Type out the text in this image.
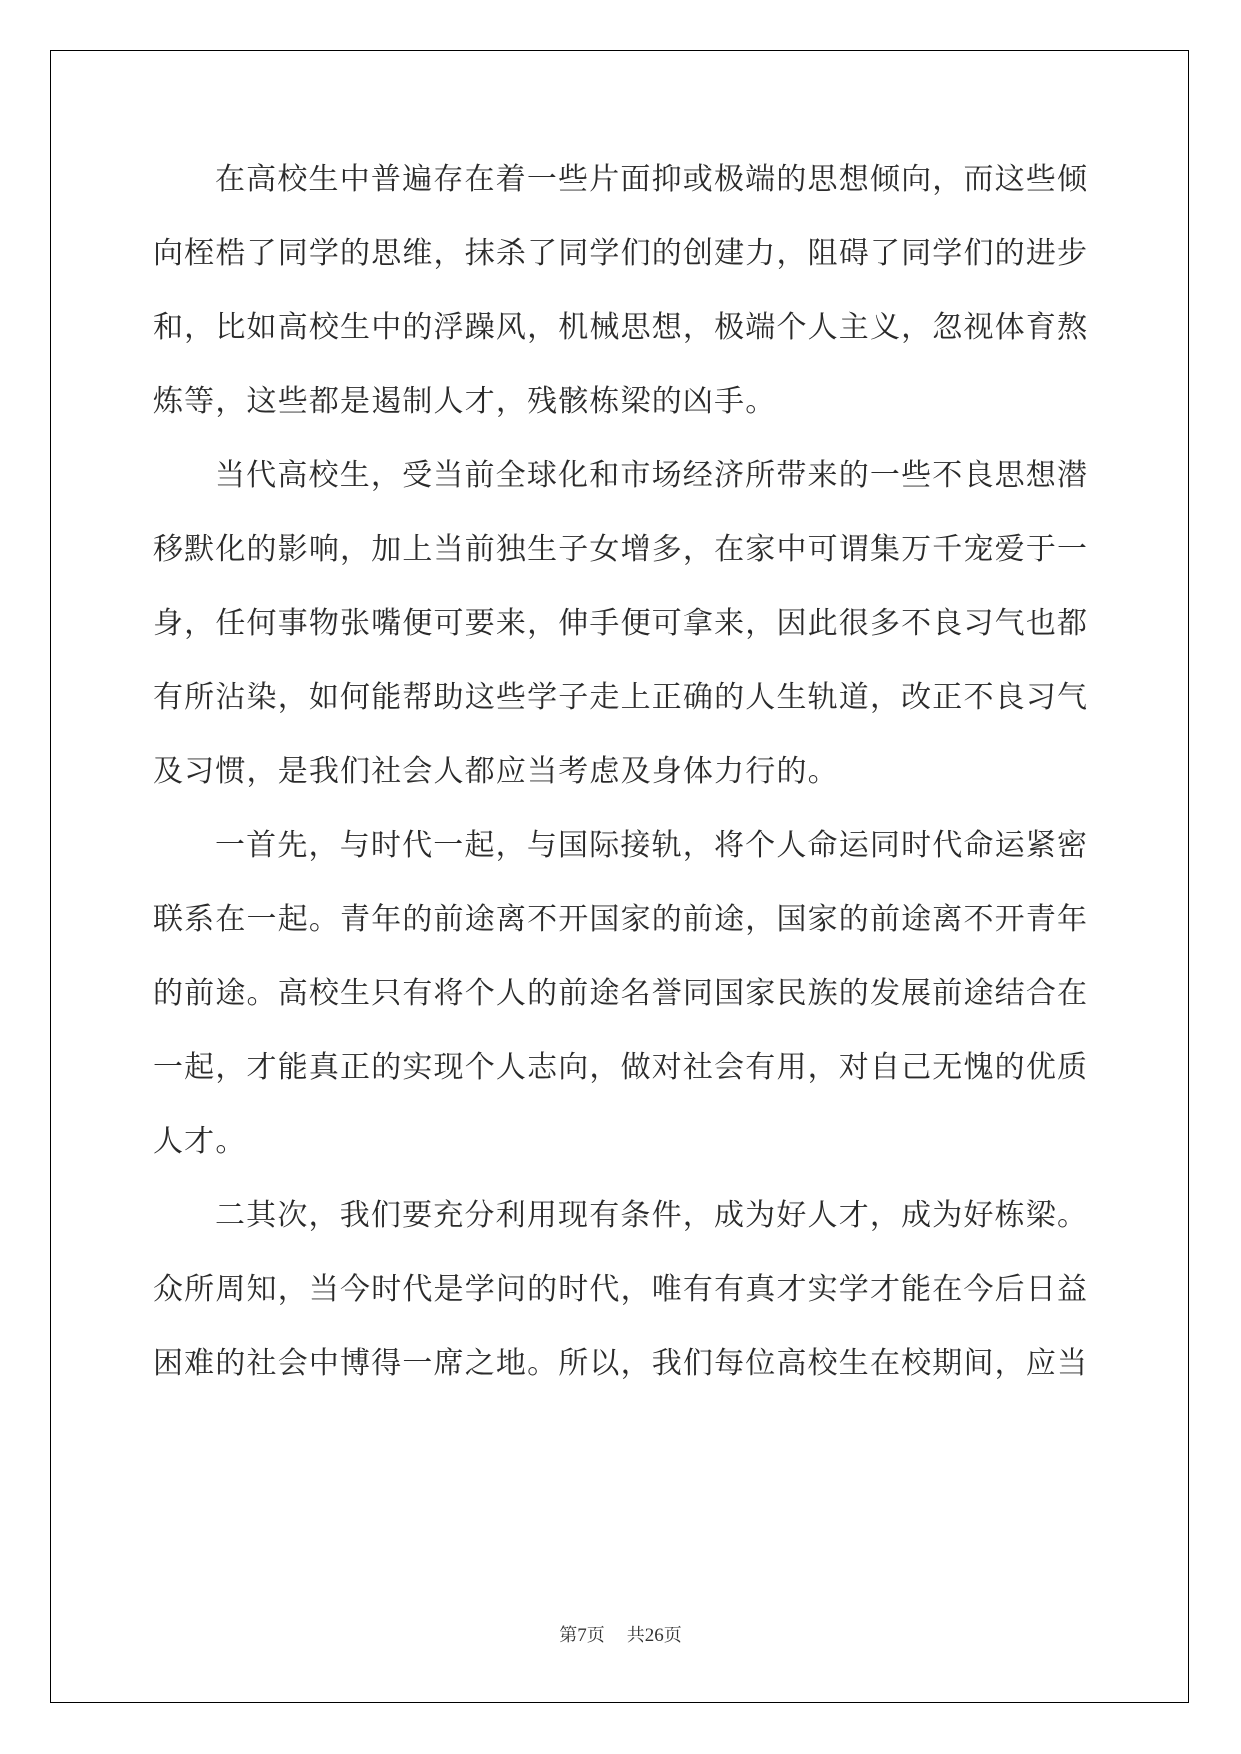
在高校生中普遍存在着一些片面抑或极端的思想倾向，而这些倾
向桎梏了同学的思维，抹杀了同学们的创建力，阻碍了同学们的进步
和，比如高校生中的浮躁风，机械思想，极端个人主义，忽视体育熬
炼等，这些都是遏制人才，残骸栋梁的凶手。
当代高校生，受当前全球化和市场经济所带来的一些不良思想潜
移默化的影响，加上当前独生子女增多，在家中可谓集万千宠爱于一
身，任何事物张嘴便可要来，伸手便可拿来，因此很多不良习气也都
有所沾染，如何能帮助这些学子走上正确的人生轨道，改正不良习气
及习惯，是我们社会人都应当考虑及身体力行的。
一首先，与时代一起，与国际接轨，将个人命运同时代命运紧密
联系在一起。青年的前途离不开国家的前途，国家的前途离不开青年
的前途。高校生只有将个人的前途名誉同国家民族的发展前途结合在
一起，才能真正的实现个人志向，做对社会有用，对自己无愧的优质
人才。
二其次，我们要充分利用现有条件，成为好人才，成为好栋梁。
众所周知，当今时代是学问的时代，唯有有真才实学才能在今后日益
困难的社会中博得一席之地。所以，我们每位高校生在校期间，应当
第7页 共26页
